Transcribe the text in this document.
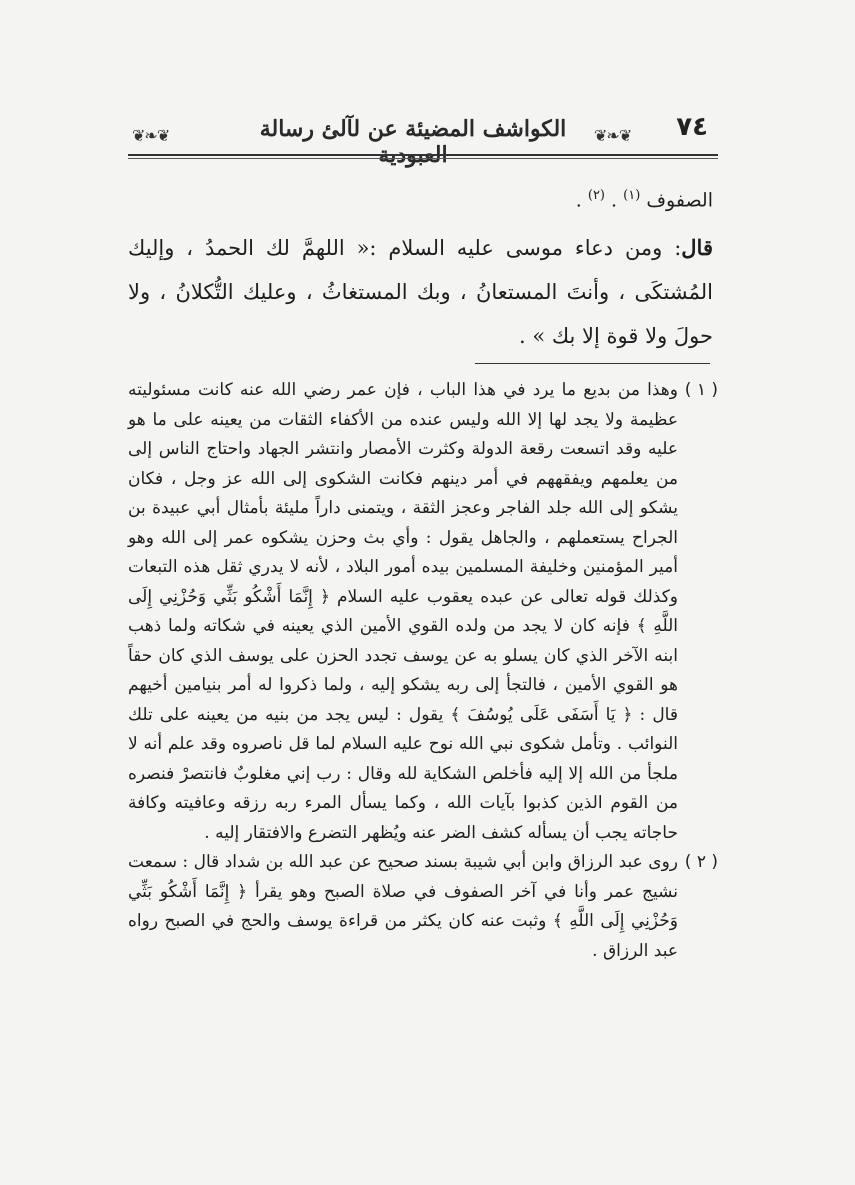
❦❧❦	الكواشف المضيئة عن لآلئ رسالة العبودية
❦❧❦ ٧٤

الصفوف $^{(١)}$ . $^{(٢)}$ .

قال: ومن دعاء موسى عليه السلام :« اللهمَّ لك الحمدُ ، وإليك المُشتكَى ، وأنتَ المستعانُ ، وبك المستغاثُ ، وعليك التُّكلانُ ، ولا حولَ ولا قوة إلا بك » .

( ١ )
وهذا من بديع ما يرد في هذا الباب ، فإن عمر رضي الله عنه كانت مسئوليته عظيمة ولا يجد لها إلا الله وليس عنده من الأكفاء الثقات من يعينه على ما هو عليه وقد اتسعت رقعة الدولة وكثرت الأمصار وانتشر الجهاد واحتاج الناس إلى من يعلمهم ويفقههم في أمر دينهم فكانت الشكوى إلى الله عز وجل ، فكان يشكو إلى الله جلد الفاجر وعجز الثقة ، ويتمنى داراً مليئة بأمثال أبي عبيدة بن الجراح يستعملهم ، والجاهل يقول : وأي بث وحزن يشكوه عمر إلى الله وهو أمير المؤمنين وخليفة المسلمين بيده أمور البلاد ، لأنه لا يدري ثقل هذه التبعات وكذلك قوله تعالى عن عبده يعقوب عليه السلام ﴿ إِنَّمَا أَشْكُو بَثِّي وَحُزْنِي إِلَى اللَّهِ ﴾ فإنه كان لا يجد من ولده القوي الأمين الذي يعينه في شكاته ولما ذهب ابنه الآخر الذي كان يسلو به عن يوسف تجدد الحزن على يوسف الذي كان حقاً هو القوي الأمين ، فالتجأ إلى ربه يشكو إليه ، ولما ذكروا له أمر بنيامين أخيهم قال : ﴿ يَا أَسَفَى عَلَى يُوسُفَ ﴾ يقول : ليس يجد من بنيه من يعينه على تلك النوائب . وتأمل شكوى نبي الله نوح عليه السلام لما قل ناصروه وقد علم أنه لا ملجأ من الله إلا إليه فأخلص الشكاية لله وقال : رب إني مغلوبٌ فانتصرْ فنصره من القوم الذين كذبوا بآيات الله ، وكما يسأل المرء ربه رزقه وعافيته وكافة حاجاته يجب أن يسأله كشف الضر عنه ويُظهر التضرع والافتقار إليه .

( ٢ )
روى عبد الرزاق وابن أبي شيبة بسند صحيح عن عبد الله بن شداد قال : سمعت نشيج عمر وأنا في آخر الصفوف في صلاة الصبح وهو يقرأ ﴿ إِنَّمَا أَشْكُو بَثِّي وَحُزْنِي إِلَى اللَّهِ ﴾ وثبت عنه كان يكثر من قراءة يوسف والحج في الصبح رواه عبد الرزاق .
